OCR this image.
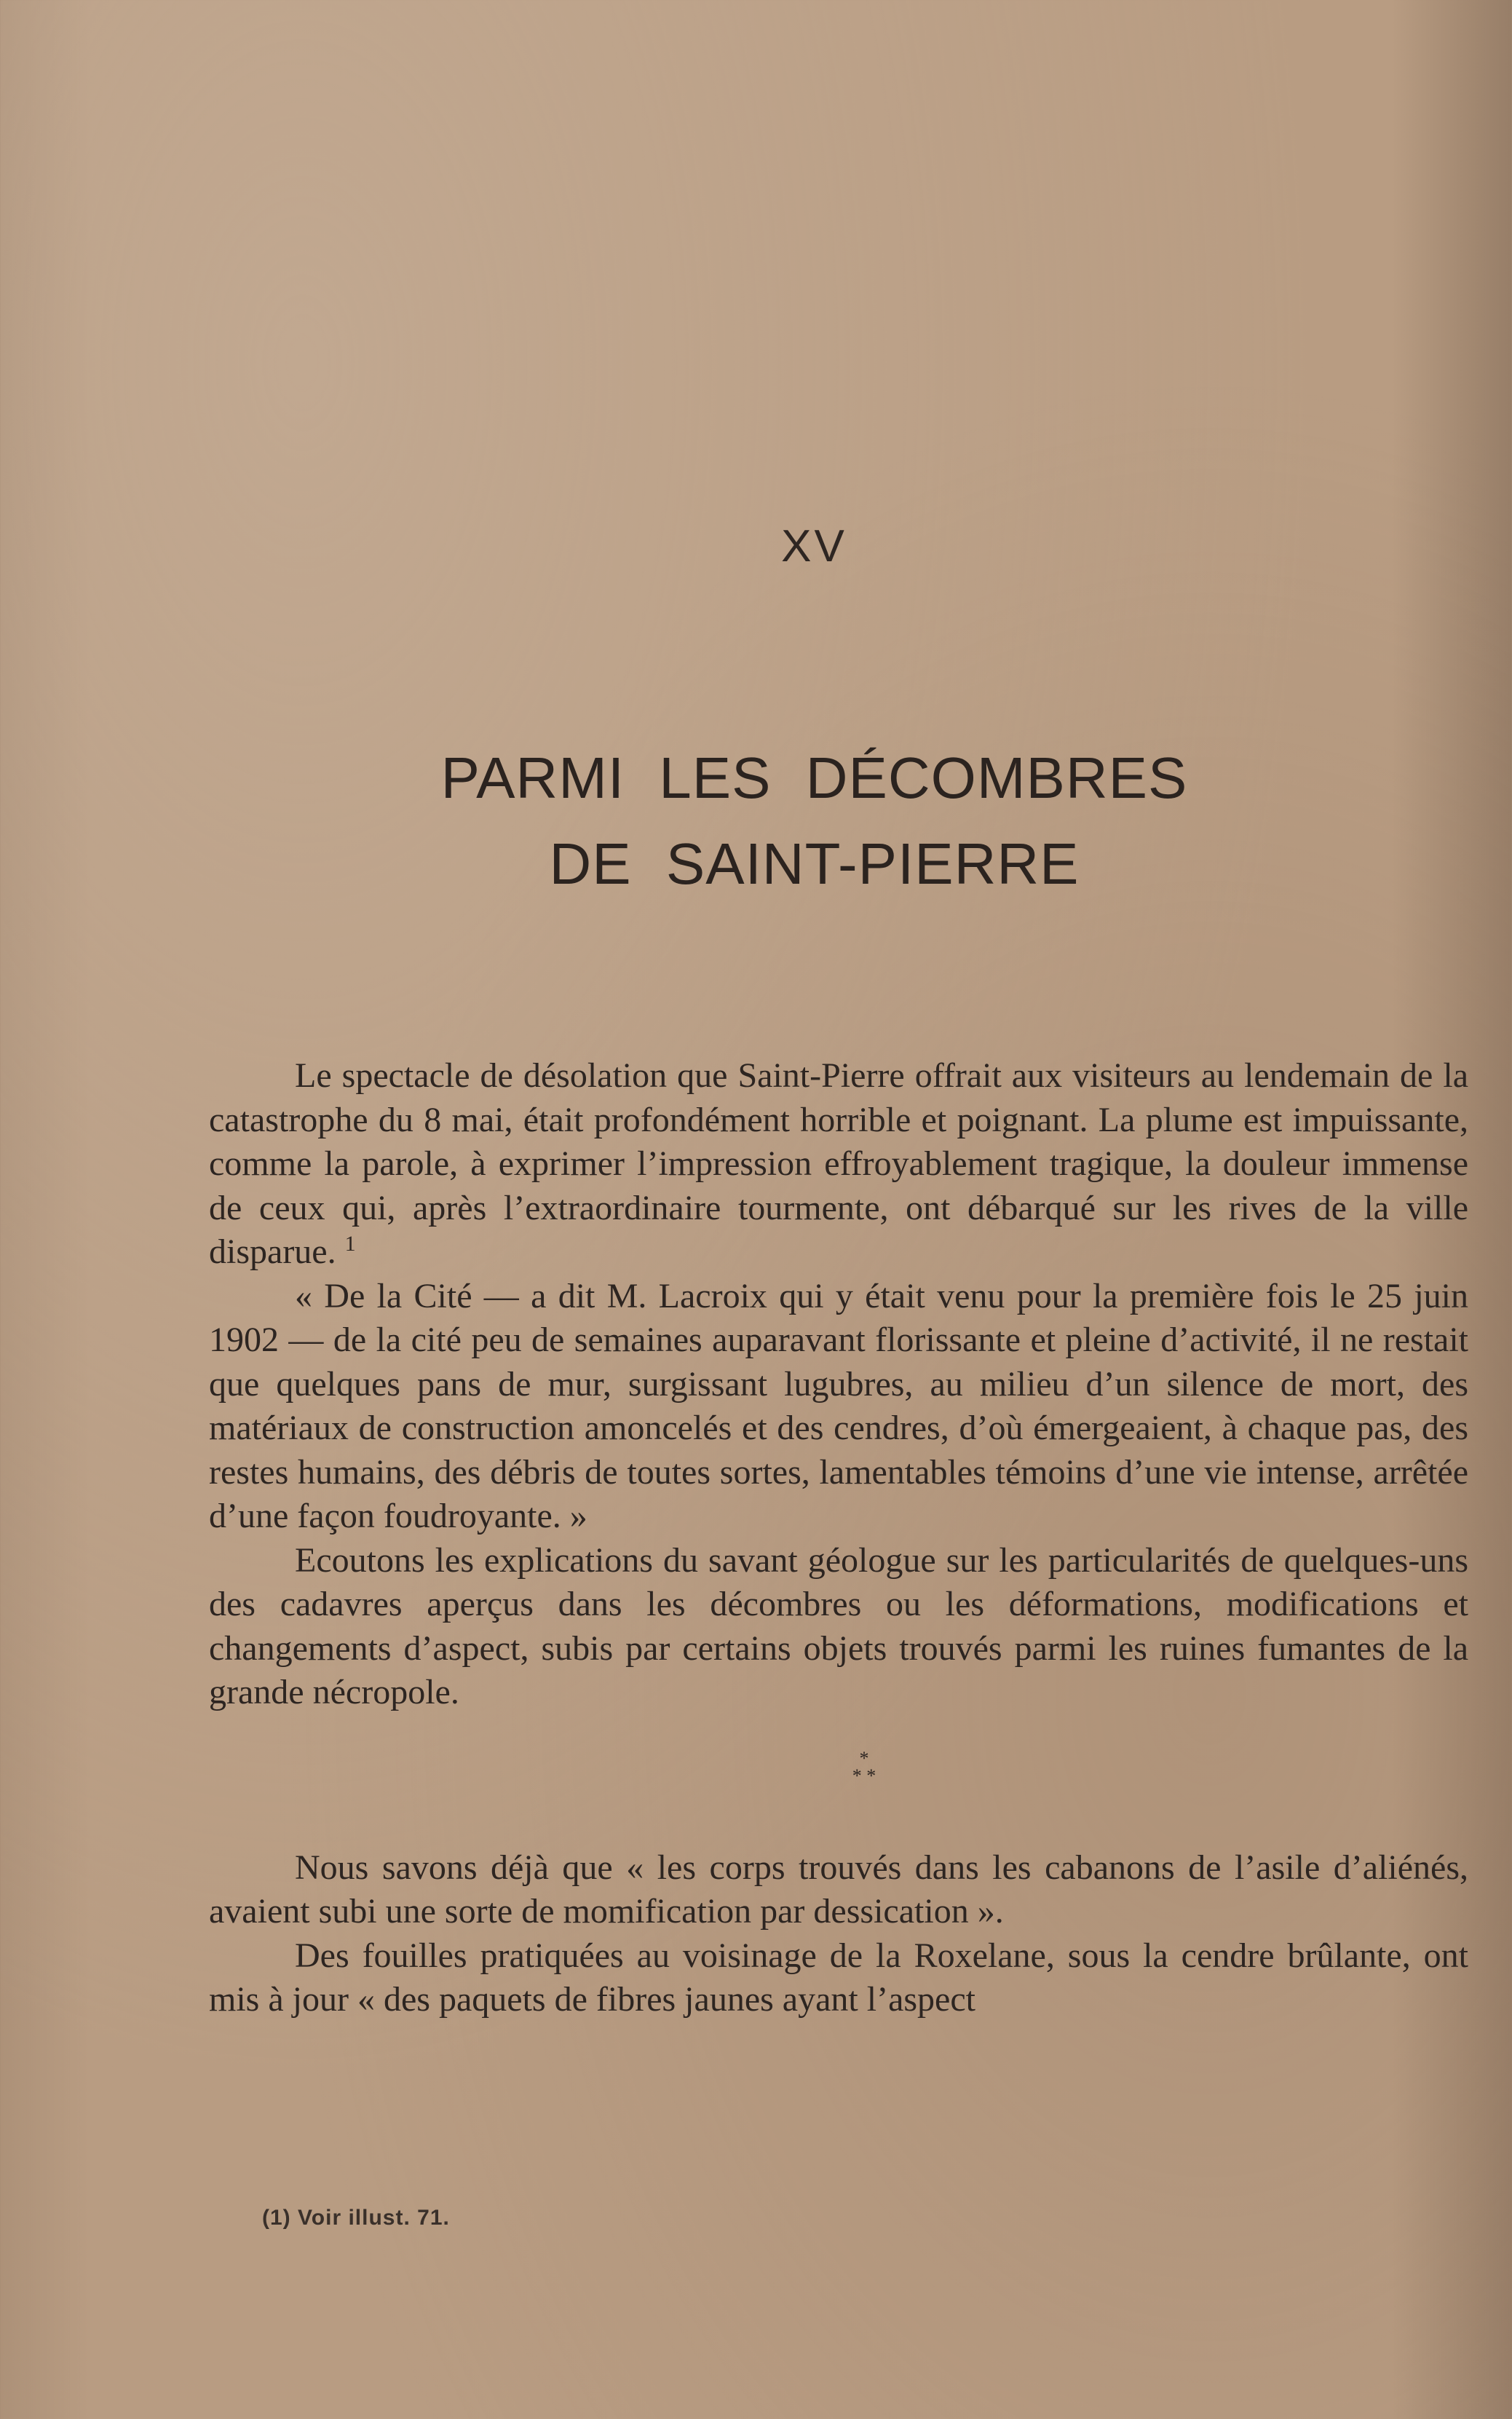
XV
PARMI LES DÉCOMBRES
DE SAINT-PIERRE

Le spectacle de désolation que Saint-Pierre offrait aux visiteurs au lendemain de la catastrophe du 8 mai, était profondément horrible et poignant. La plume est impuissante, comme la parole, à exprimer l’impression effroyablement tragique, la douleur immense de ceux qui, après l’extraordinaire tourmente, ont débarqué sur les rives de la ville disparue. $^1$

« De la Cité — a dit M. Lacroix qui y était venu pour la première fois le 25 juin 1902 — de la cité peu de semaines auparavant florissante et pleine d’activité, il ne restait que quelques pans de mur, surgissant lugubres, au milieu d’un silence de mort, des matériaux de construction amoncelés et des cendres, d’où émergeaient, à chaque pas, des restes humains, des débris de toutes sortes, lamentables témoins d’une vie intense, arrêtée d’une façon foudroyante. »

Ecoutons les explications du savant géologue sur les particularités de quelques-uns des cadavres aperçus dans les décombres ou les déformations, modifications et changements d’aspect, subis par certains objets trouvés parmi les ruines fumantes de la grande nécropole.

*
* *

Nous savons déjà que « les corps trouvés dans les cabanons de l’asile d’aliénés, avaient subi une sorte de momification par dessication ».

Des fouilles pratiquées au voisinage de la Roxelane, sous la cendre brûlante, ont mis à jour « des paquets de fibres jaunes ayant l’aspect

(1) Voir illust. 71.
